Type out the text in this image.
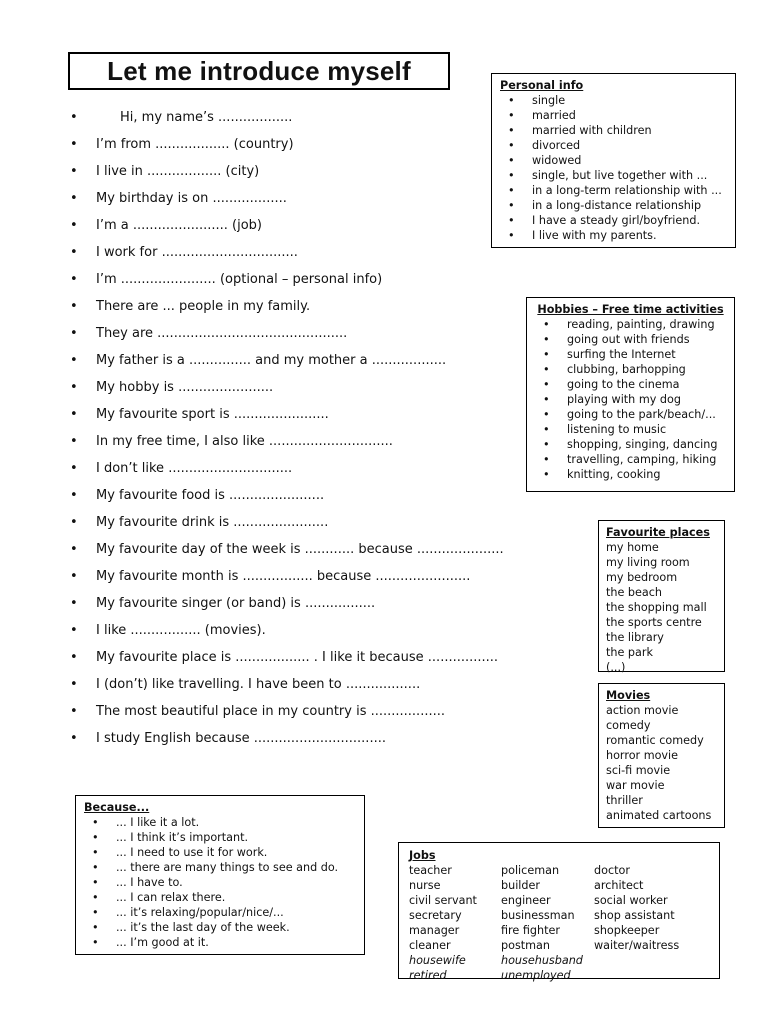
Let me introduce myself
• Hi, my name’s ..................
• I’m from .................. (country)
• I live in .................. (city)
• My birthday is on ..................
• I’m a ....................... (job)
• I work for .................................
• I’m ....................... (optional – personal info)
• There are ... people in my family.
• They are ..............................................
• My father is a ............... and my mother a ..................
• My hobby is .......................
• My favourite sport is .......................
• In my free time, I also like ..............................
• I don’t like ..............................
• My favourite food is .......................
• My favourite drink is .......................
• My favourite day of the week is ............ because .....................
• My favourite month is ................. because .......................
• My favourite singer (or band) is .................
• I like ................. (movies).
• My favourite place is .................. . I like it because .................
• I (don’t) like travelling. I have been to ..................
• The most beautiful place in my country is ..................
• I study English because ................................
Personal info
• single
• married
• married with children
• divorced
• widowed
• single, but live together with ...
• in a long-term relationship with ...
• in a long-distance relationship
• I have a steady girl/boyfriend.
• I live with my parents.
Hobbies – Free time activities
• reading, painting, drawing
• going out with friends
• surfing the Internet
• clubbing, barhopping
• going to the cinema
• playing with my dog
• going to the park/beach/...
• listening to music
• shopping, singing, dancing
• travelling, camping, hiking
• knitting, cooking
Favourite places
my home
my living room
my bedroom
the beach
the shopping mall
the sports centre
the library
the park
(...)
Movies
action movie
comedy
romantic comedy
horror movie
sci-fi movie
war movie
thriller
animated cartoons
Because...
• ... I like it a lot.
• ... I think it’s important.
• ... I need to use it for work.
• ... there are many things to see and do.
• ... I have to.
• ... I can relax there.
• ... it’s relaxing/popular/nice/...
• ... it’s the last day of the week.
• ... I’m good at it.
Jobs
teacher	policeman	doctor
nurse	builder	architect
civil servant	engineer	social worker
secretary	businessman	shop assistant
manager	fire fighter	shopkeeper
cleaner	postman	waiter/waitress
housewife	househusband
retired	unemployed
